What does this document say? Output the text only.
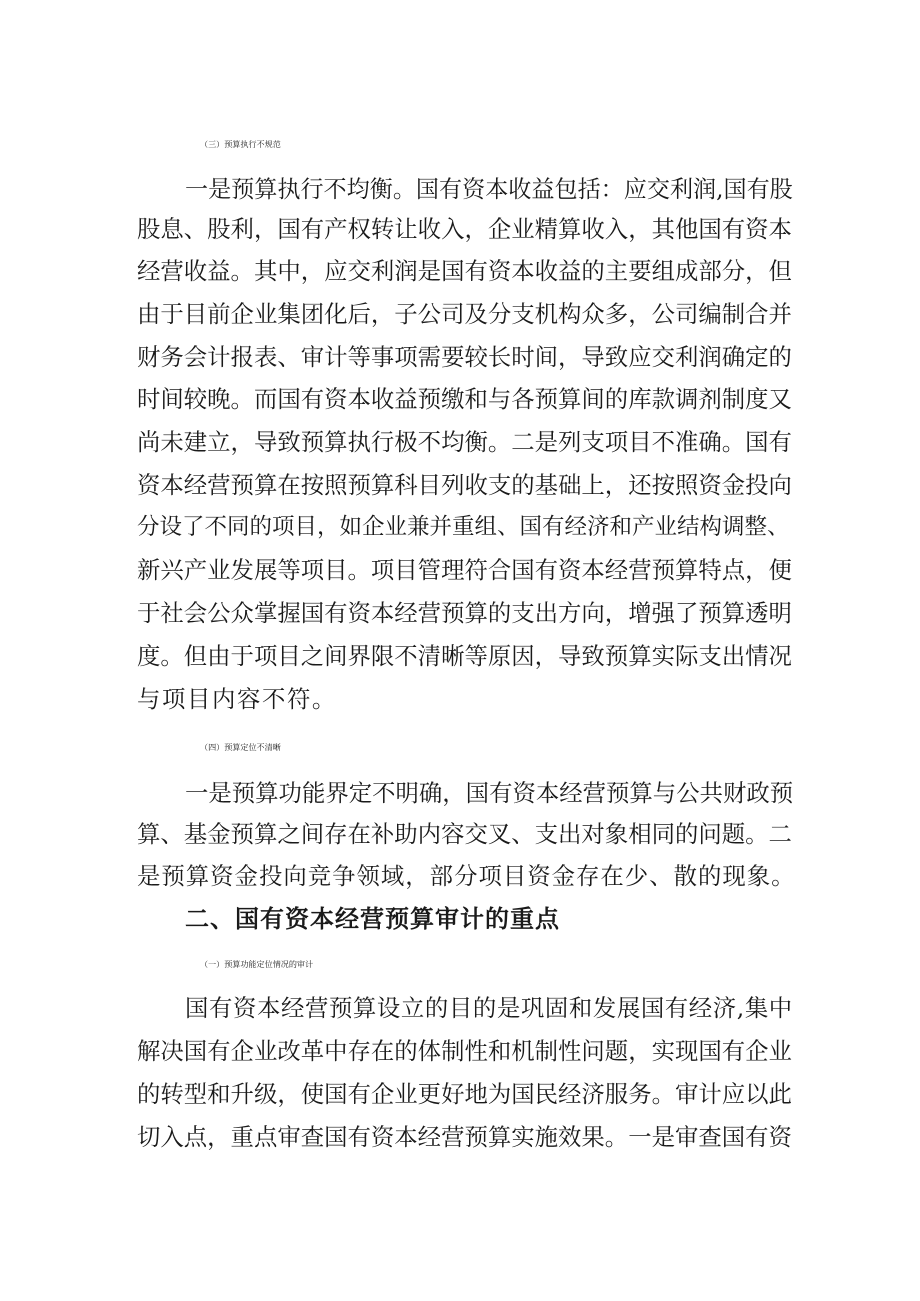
（三）预算执行不规范
一是预算执行不均衡。国有资本收益包括：应交利润,国有股
股息、股利，国有产权转让收入，企业精算收入，其他国有资本
经营收益。其中，应交利润是国有资本收益的主要组成部分，但
由于目前企业集团化后，子公司及分支机构众多，公司编制合并
财务会计报表、审计等事项需要较长时间，导致应交利润确定的
时间较晚。而国有资本收益预缴和与各预算间的库款调剂制度又
尚未建立，导致预算执行极不均衡。二是列支项目不准确。国有
资本经营预算在按照预算科目列收支的基础上，还按照资金投向
分设了不同的项目，如企业兼并重组、国有经济和产业结构调整、
新兴产业发展等项目。项目管理符合国有资本经营预算特点，便
于社会公众掌握国有资本经营预算的支出方向，增强了预算透明
度。但由于项目之间界限不清晰等原因，导致预算实际支出情况
与项目内容不符。
（四）预算定位不清晰
一是预算功能界定不明确，国有资本经营预算与公共财政预
算、基金预算之间存在补助内容交叉、支出对象相同的问题。二
是预算资金投向竞争领域，部分项目资金存在少、散的现象。
二、国有资本经营预算审计的重点
（一）预算功能定位情况的审计
国有资本经营预算设立的目的是巩固和发展国有经济,集中
解决国有企业改革中存在的体制性和机制性问题，实现国有企业
的转型和升级，使国有企业更好地为国民经济服务。审计应以此
切入点，重点审查国有资本经营预算实施效果。一是审查国有资
